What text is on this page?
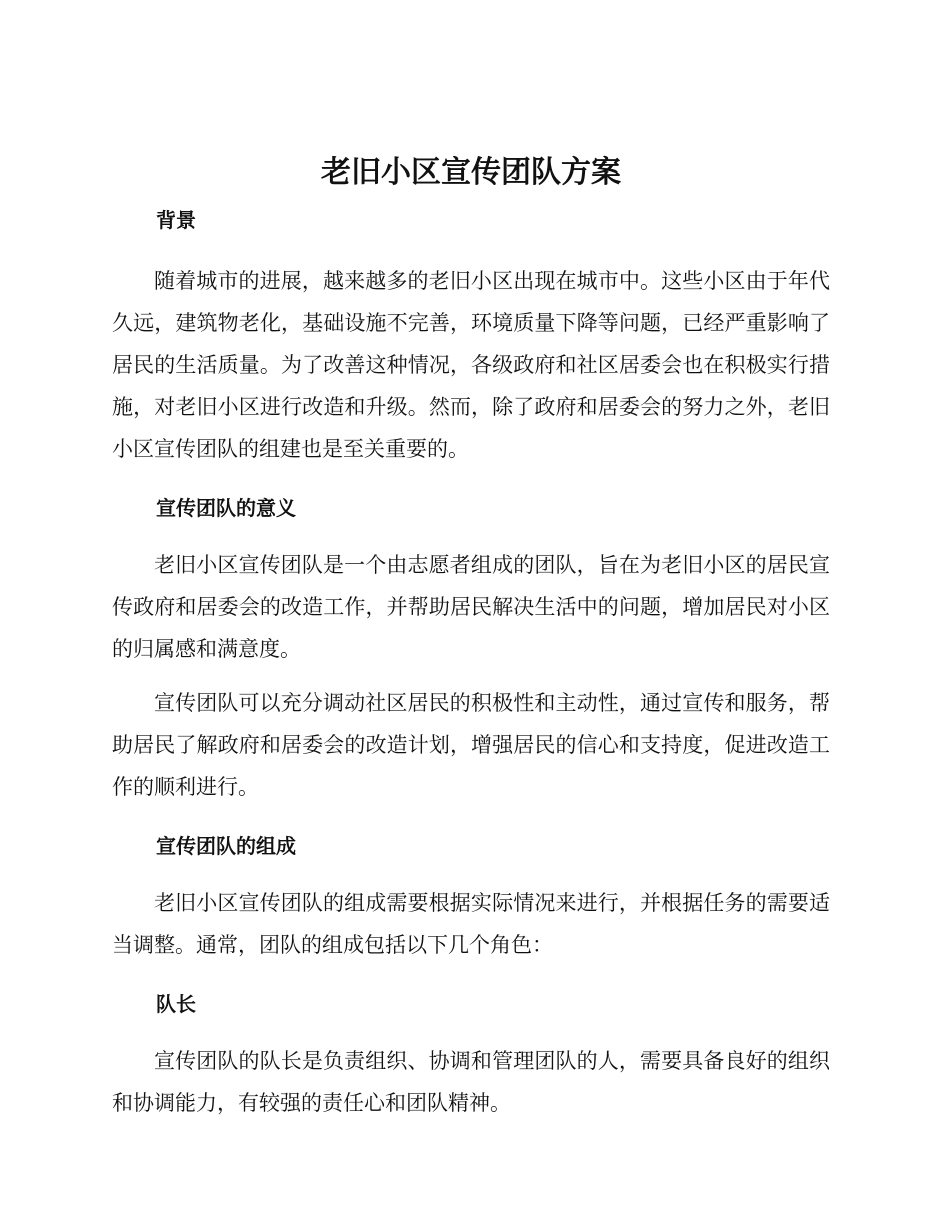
老旧小区宣传团队方案
背景

随着城市的进展，越来越多的老旧小区出现在城市中。这些小区由于年代久远，建筑物老化，基础设施不完善，环境质量下降等问题，已经严重影响了居民的生活质量。为了改善这种情况，各级政府和社区居委会也在积极实行措施，对老旧小区进行改造和升级。然而，除了政府和居委会的努力之外，老旧小区宣传团队的组建也是至关重要的。

宣传团队的意义

老旧小区宣传团队是一个由志愿者组成的团队，旨在为老旧小区的居民宣传政府和居委会的改造工作，并帮助居民解决生活中的问题，增加居民对小区的归属感和满意度。

宣传团队可以充分调动社区居民的积极性和主动性，通过宣传和服务，帮助居民了解政府和居委会的改造计划，增强居民的信心和支持度，促进改造工作的顺利进行。

宣传团队的组成

老旧小区宣传团队的组成需要根据实际情况来进行，并根据任务的需要适当调整。通常，团队的组成包括以下几个角色：

队长

宣传团队的队长是负责组织、协调和管理团队的人，需要具备良好的组织和协调能力，有较强的责任心和团队精神。
